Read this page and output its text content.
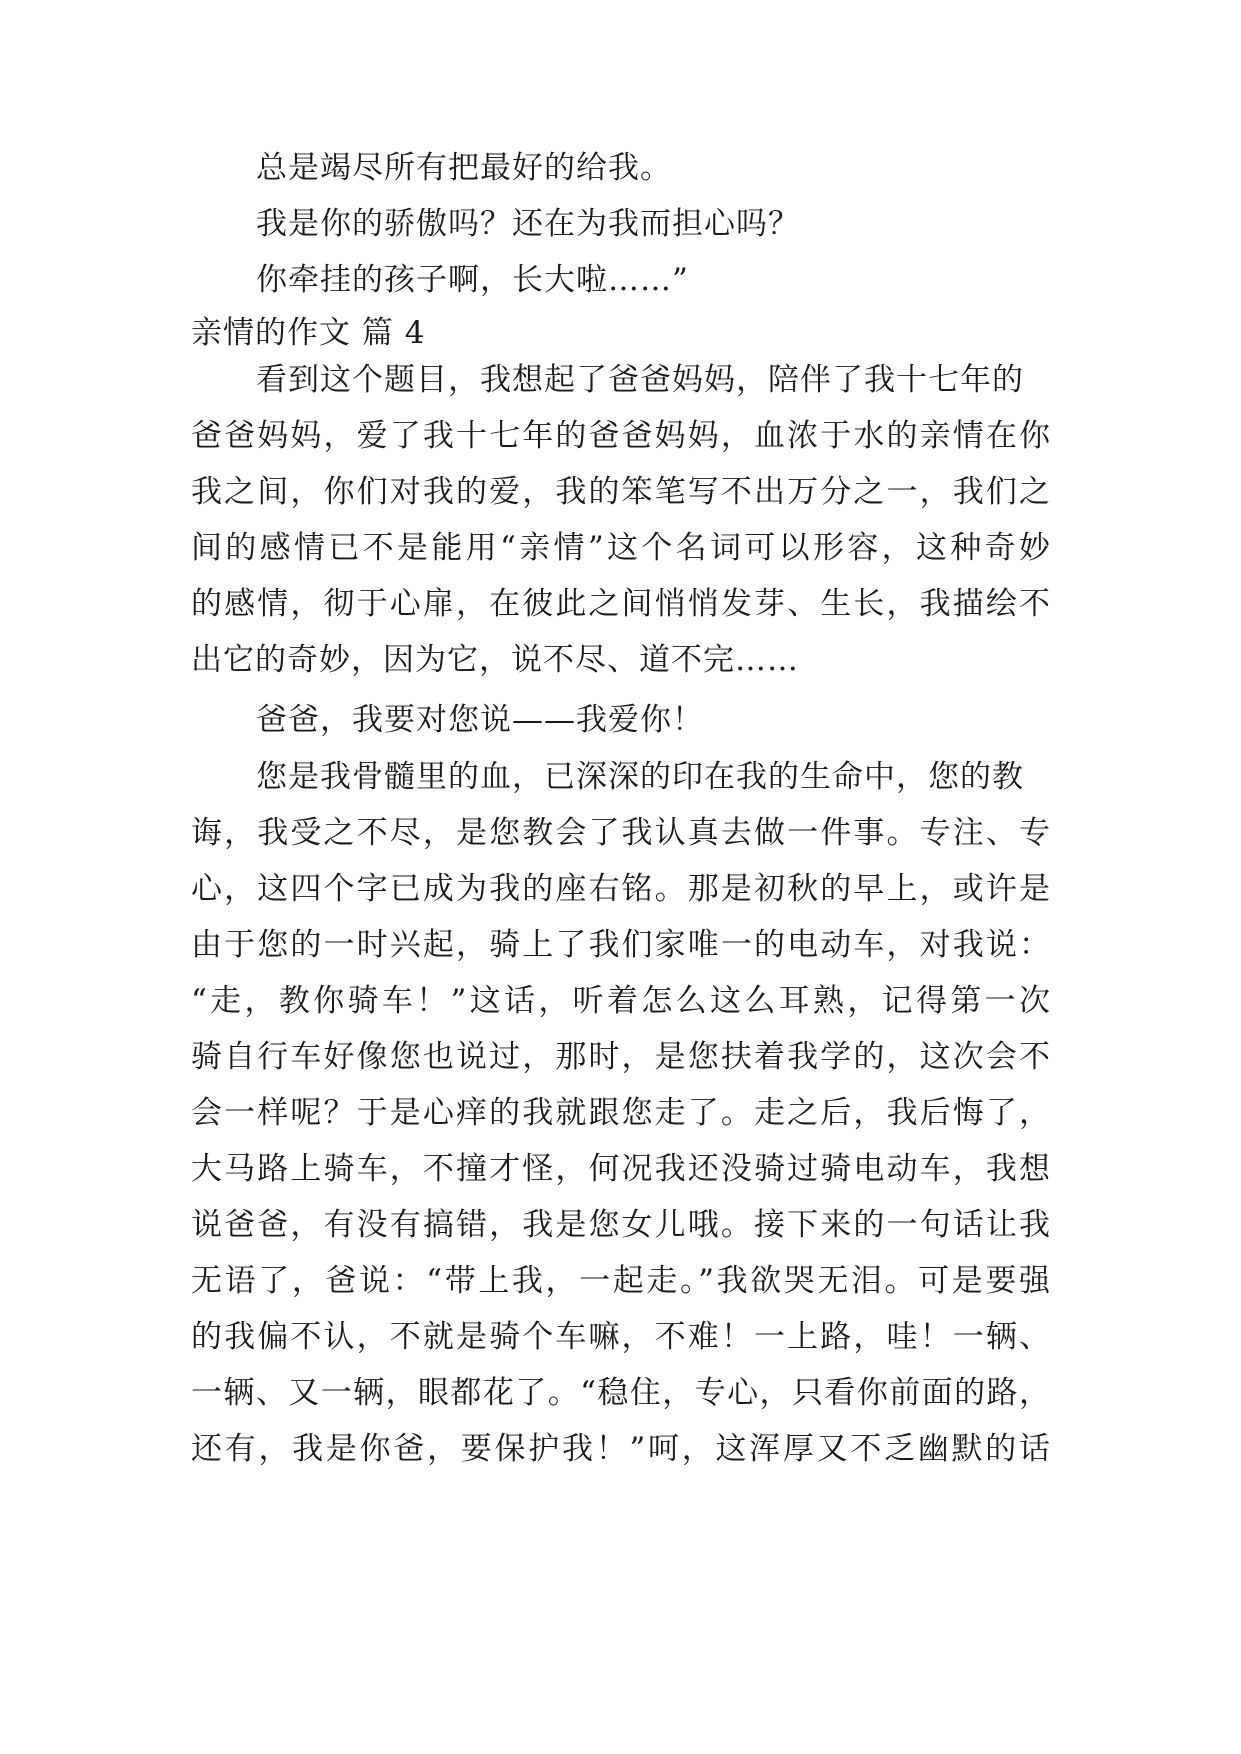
总是竭尽所有把最好的给我。
我是你的骄傲吗？还在为我而担心吗？
你牵挂的孩子啊，长大啦……”
亲情的作文 篇 4
看到这个题目，我想起了爸爸妈妈，陪伴了我十七年的
爸爸妈妈，爱了我十七年的爸爸妈妈，血浓于水的亲情在你
我之间，你们对我的爱，我的笨笔写不出万分之一，我们之
间的感情已不是能用“亲情”这个名词可以形容，这种奇妙
的感情，彻于心扉，在彼此之间悄悄发芽、生长，我描绘不
出它的奇妙，因为它，说不尽、道不完……
爸爸，我要对您说——我爱你！
您是我骨髓里的血，已深深的印在我的生命中，您的教
诲，我受之不尽，是您教会了我认真去做一件事。专注、专
心，这四个字已成为我的座右铭。那是初秋的早上，或许是
由于您的一时兴起，骑上了我们家唯一的电动车，对我说：
“走，教你骑车！”这话，听着怎么这么耳熟，记得第一次
骑自行车好像您也说过，那时，是您扶着我学的，这次会不
会一样呢？于是心痒的我就跟您走了。走之后，我后悔了，
大马路上骑车，不撞才怪，何况我还没骑过骑电动车，我想
说爸爸，有没有搞错，我是您女儿哦。接下来的一句话让我
无语了，爸说：“带上我，一起走。”我欲哭无泪。可是要强
的我偏不认，不就是骑个车嘛，不难！一上路，哇！一辆、
一辆、又一辆，眼都花了。“稳住，专心，只看你前面的路，
还有，我是你爸，要保护我！”呵，这浑厚又不乏幽默的话
